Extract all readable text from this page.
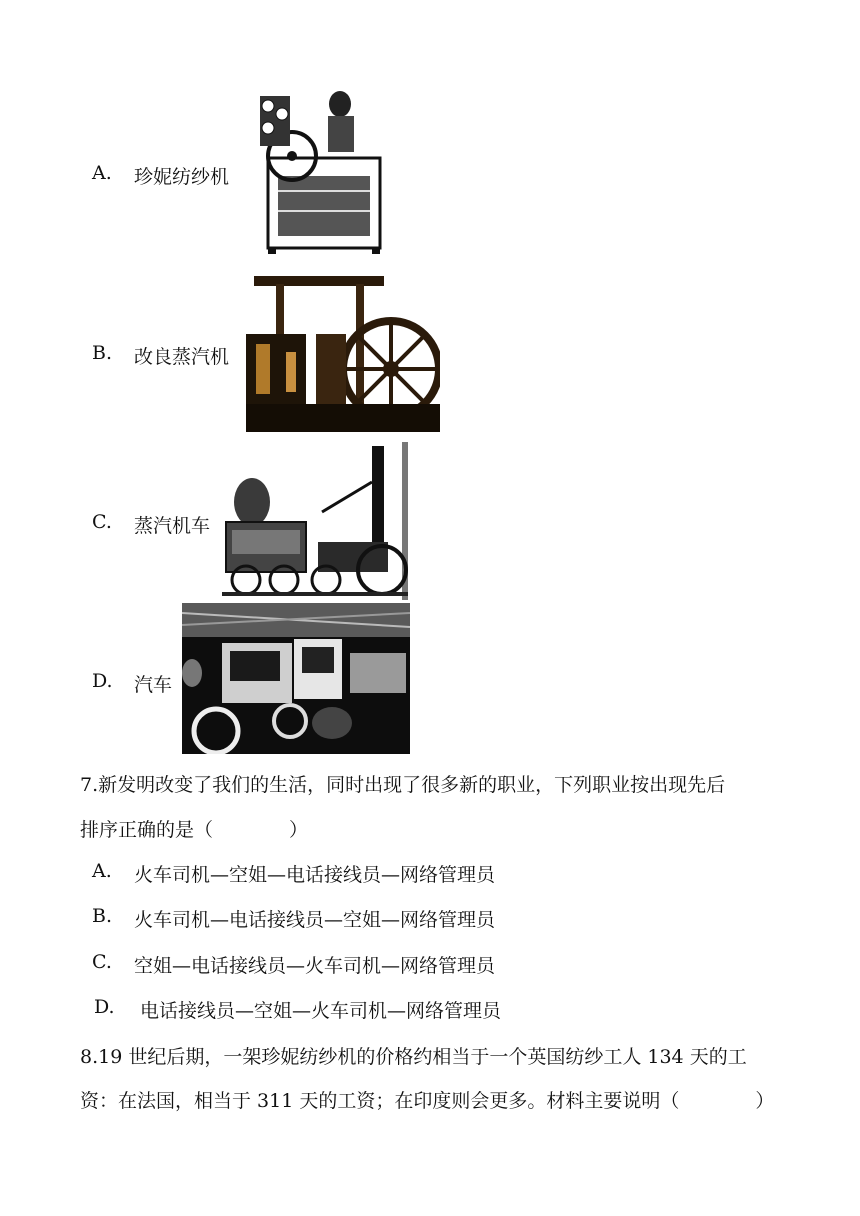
A. 珍妮纺纱机
B. 改良蒸汽机
C. 蒸汽机车
D. 汽车
7.新发明改变了我们的生活，同时出现了很多新的职业，下列职业按出现先后
排序正确的是（　　　　）
A. 火车司机—空姐—电话接线员—网络管理员
B. 火车司机—电话接线员—空姐—网络管理员
C. 空姐—电话接线员—火车司机—网络管理员
D. 电话接线员—空姐—火车司机—网络管理员
8.19 世纪后期，一架珍妮纺纱机的价格约相当于一个英国纺纱工人 134 天的工
资：在法国，相当于 311 天的工资；在印度则会更多。材料主要说明（　　　　）
